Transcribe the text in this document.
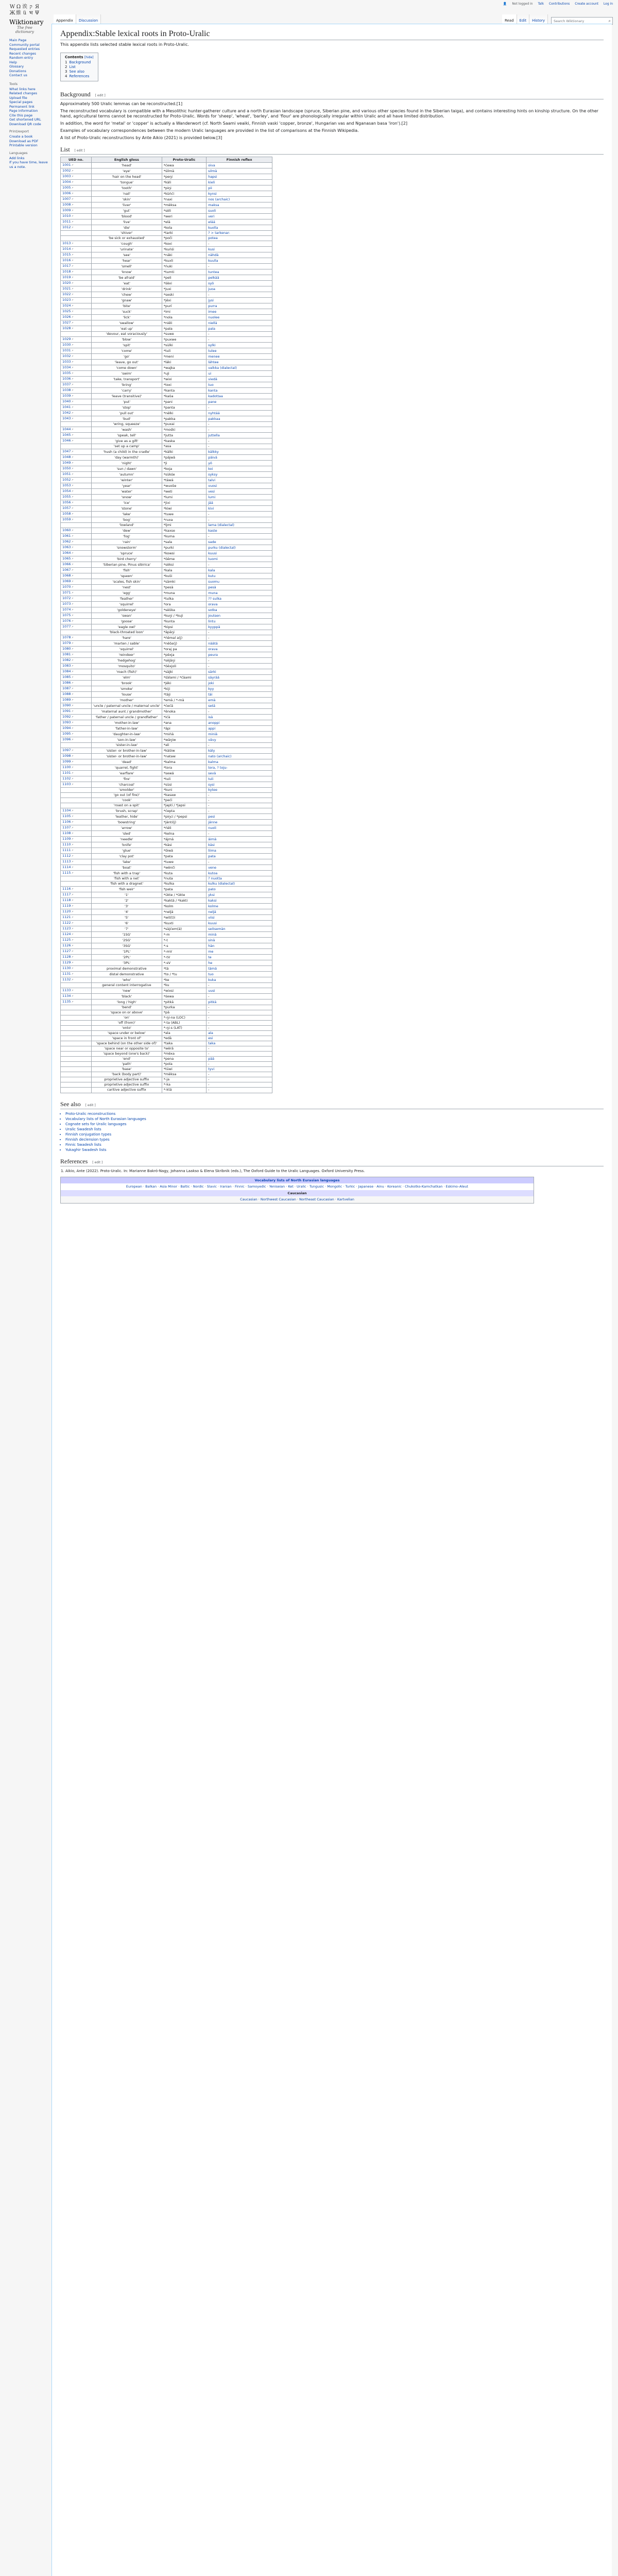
W Ω 诶 ק Я
Ж 維 ü भ Ψ
Wiktionary
The free dictionary
Main Page
Community portal
Requested entries
Recent changes
Random entry
Help
Glossary
Donations
Contact us
Tools
What links here
Related changes
Upload file
Special pages
Permanent link
Page information
Cite this page
Get shortened URL
Download QR code
Print/export
Create a book
Download as PDF
Printable version
Languages
Add links
If you have time, leave us a note.
👤 Not logged in Talk Contributions Create account Log in
Appendix	Discussion	Read	Edit	History	Search Wiktionary	⌕
Appendix:Stable lexical roots in Proto-Uralic

This appendix lists selected stable lexical roots in Proto-Uralic.

Contents [hide]
1 Background
2 List
3 See also
4 References
Background [ edit ]

Approximately 500 Uralic lemmas can be reconstructed.[1]

The reconstructed vocabulary is compatible with a Mesolithic hunter-gatherer culture and a north Eurasian landscape (spruce, Siberian pine, and various other species found in the Siberian taiga), and contains interesting hints on kinship structure. On the other hand, agricultural terms cannot be reconstructed for Proto-Uralic. Words for 'sheep', 'wheat', 'barley', and 'flour' are phonologically irregular within Uralic and all have limited distribution.

In addition, the word for 'metal' or 'copper' is actually a Wanderwort (cf. North Saami veaiki, Finnish vaski 'copper, bronze', Hungarian vas and Nganasan basa 'iron').[2]

Examples of vocabulary correspondences between the modern Uralic languages are provided in the list of comparisons at the Finnish Wikipedia.

A list of Proto-Uralic reconstructions by Ante Aikio (2021) is provided below.[3]

List [ edit ]
UED no.	English gloss	Proto-Uralic	Finnish reflex
1001↗	'head'	*ćewa	oiva
1002↗	'eye'	*śilmä	silmä
1003↗	'hair on the head'	*peŋi	hapsi
1004↗	'tongue'	*käli	kieli
1005↗	'tooth'	*piŋi	pii
1006↗	'nail'	*küńći	kynsi
1007↗	'skin'	*naxi	nos (archaic)
1008↗	'liver'	*mëksa	maksa
1009↗	'gut'	*sëli	suoli
1010↗	'blood'	*weri	veri
1011↗	'live'	*elä	elää
1012↗	'die'	*kola	kuolla
	'shiver'	*tarki	? > tarkenar-
	'be sick or exhausted'	*poči	potea
1013↗	'cough'	*koxi	-
1014↗	'urinate'	*kuńśi	kusi
1015↗	'see'	*näki	nähdä
1016↗	'hear'	*kuxli	kuulla
1017↗	'smell'	*ńuki	-
1018↗	'know'	*tumti	tuntea
1019↗	'be afraid'	*peli	pelkää
1020↗	'eat'	*śëxi	syö
1021↗	'drink'	*juxi	juoa
1022↗	'chew'	*seski	-
1023↗	'gnaw'	*jëxi	jysi
1024↗	'bite'	*purï	purra
1025↗	'suck'	*imi	imee
1026↗	'lick'	*nola	nuolee
1027↗	'swallow'	*niëli	niellä
1028↗	'eat up'	*pala	pala
	'devour, eat voraciously'	*suwe	-
1029↗	'blow'	*puxwe	-
1030↗	'spit'	*sülki	sylki
1031↗	'come'	*tuli	tulee
1032↗	'go'	*meni	menee
1033↗	'leave, go out'	*läki	lähtee
1034↗	'come down'	*wajka	valkka (dialectal)
1035↗	'swim'	*uji	ui
1036↗	'take, transport'	*wixi	viedä
1037↗	'bring'	*toxi	tuo
1038↗	'carry'	*kanta	kanta
1039↗	'leave (transitive)'	*kaδa	kadottaa
1040↗	'put'	*pani	pane
1041↗	'stop'	*panta	-
1042↗	'pull out'	*nëlki	nyhtää
1043↗	'bud'	*pakka	pakkaa
	'wring, squeeze'	*puxai	-
1044↗	'wash'	*mośki	-
1045↗	'speak, tell'	*jutta	juttella
1046↗	'give as a gift'	*kaska	-
	'set up a camp'	*asa	-
1047↗	'hush (a child) in the cradle'	*kälki	kälkky
1048↗	'day (warmth)'	*päjwä	päivä
1049↗	'night'	*ji	yö
1050↗	'sun / dawn'	*koja	koi
1051↗	'autumn'	*sükśe	syksy
1052↗	'winter'	*täwä	talvi
1053↗	'year'	*wuoδe	vuosi
1054↗	'water'	*weti	vesi
1055↗	'snow'	*lumi	lumi
1056↗	'ice'	*jixi	jää
1057↗	'stone'	*kiwi	kivi
1058↗	'lake'	*tuwe	-
1059↗	'bog'	*ruxa	-
	'lowland'	*ljmi	lama (dialectal)
1060↗	'dew'	*kaxse	kaste
1061↗	'fog'	*kuma	-
1062↗	'rain'	*sala	sade
1063↗	'snowstorm'	*purki	purku (dialectal)
1064↗	'spruce'	*kowsi	kuusi
1065↗	'bird cherry'	*δëme	tuomi
1066↗	'Siberian pine, Pinus sibirica'	*sëksi	-
1067↗	'fish'	*kala	kala
1068↗	'spawn'	*kuδi	kutu
1069↗	'scales, fish skin'	*sämki	suomu
1070↗	'nest'	*pesä	pesä
1071↗	'egg'	*muna	muna
1072↗	'feather'	*tulka	?? sulka
1073↗	'squirrel'	*ora	orava
1074↗	'goldeneye'	*sëδka	sotka
1075↗	'swan'	*kuŋi / *kuji	joutsen
1076↗	'goose'	*kunta	lintu
1077↗	'eagle owl'	*kipsi	kyyppä
	'black-throated loon'	*äpäŋi	-
1078↗	'hare'	*ńëmal a(j)	-
1079↗	'marten / sable'	*nëδa(j)	näätä
1080↗	'squirrel'	*oraj pa	orava
1081↗	'reindeer'	*pëxja	peura
1082↗	'hedgehog'	*sëjäŋi	-
1083↗	'mosquito'	*δëxjoli	-
1084↗	'roach (fish)'	*säjki	särki
1085↗	'elm'	*śälami / *ćäami	säyrää
1086↗	'brook'	*jëki	joki
1087↗	'smoke'	*kiji	kyy
1088↗	'louse'	*täji	täi
1089↗	'mother'	*emä / *-mä	emä
1090↗	'uncle / paternal uncle / maternal uncle'	*ćećä	setä
1091↗	'maternal aunt / grandmother'	*ënoka	-
1092↗	'father / paternal uncle / grandfather'	*ićä	isä
1093↗	'mother-in-law'	*ana	anoppi
1094↗	'father-in-law'	*äpi	appi
1095↗	'daughter-in-law'	*mińä	miniä
1096↗	'son-in-law'	*wäŋiw	vävy
	'sister-in-law'	*ali	-
1097↗	'sister- or brother-in-law'	*käδiw	käly
1098↗	'sister- or brother-in-law'	*nataw	nato (archaic)
1099↗	'dead'	*kalma	kalma
1100↗	'quarrel, fight'	*tora	tora, ? toju-
1101↗	'earflare'	*sewä	sevä
1102↗	'fire'	*tuli	tuli
1103↗	'charcoal'	*süsi	sysi
	'smolder'	*kuni	kytee
	'go out (of fire)'	*kasaw	-
	'cook'	*peći	-
	'roast on a spit'	*japti / *japsi	-
1104↗	'brush, scrap'	*ćepta	-
1105↗	'leather, hide'	*piŋci / *pepsi	pesi
1106↗	'bowstring'	*jänti(j)	jänne
1107↗	'arrow'	*ńëli	nuoli
1108↗	'sled'	*kelna	-
1109↗	'needle'	*äjmä	äimä
1110↗	'knife'	*käsi	käsi
1111↗	'glue'	*δiwä	liima
1112↗	'clay pot'	*pata	pata
1113↗	'lake'	*tuwe	-
1114↗	'boat'	*wënči	vene
1115↗	'fish with a trap'	*kuta	kutoa
	'fish with a net'	*nuta	? nuotta
	'fish with a dragnet'	*kulka	kulku (dialectal)
1116↗	'fish weir'	*pata	pato
1117↗	'1'	*ükte / *ükte	yksi
1118↗	'2'	*kaktä / *kakti	kaksi
1119↗	'3'	*kolm	kolme
1120↗	'4'	*neljä	neljä
1121↗	'5'	*wit(t)i	viisi
1122↗	'6'	*kuxti	kuusi
1123↗	'7'	*säjćem(ä)	seitsemän
1124↗	'1SG'	*-m	minä
1125↗	'2SG'	*-t	sinä
1126↗	'3SG'	*-s	hän
1127↗	'1PL'	*-mV	me
1128↗	'2PL'	*-tV	te
1129↗	'3PL'	*-sV	he
1130↗	proximal demonstrative	*tä	tämä
1131↗	distal demonstrative	*to / *tu	tuo
1132↗	'who'	*ke	kuka
	general content interrogative	*ku	-
1133↗	'new'	*wixsi	uusi
1134↗	'black'	*śewa	-
1135↗	'long / high'	*pitkä	pitkä
	'bend'	*purka	-
	'space on or above'	*pä	-
	'on'	*-ŋi-na (LOC)	-
	'off (from)'	*-ta (ABL)	-
	'onto'	*-ŋi-s (LAT)	-
	'space under or below'	*ala	ala
	'space in front of'	*edä	esi
	'space behind (on the other side of)'	*taka	taka
	'space near or opposite to'	*wërä	-
	'space beyond (one's back)'	*mëxa	-
	'end'	*pena	pää
	'path'	*pola	-
	'base'	*tüwi	tyvi
	'back (body part)'	*mëksa	-
	proprietive adjective suffix	*-ja	-
	proprietive adjective suffix	*-ka	-
	caritive adjective suffix	*-ktä	-
See also [ edit ]
• Proto-Uralic reconstructions
• Vocabulary lists of North Eurasian languages
• Cognate sets for Uralic languages
• Uralic Swadesh lists
• Finnish conjugation types
• Finnish declension types
• Finnic Swadesh lists
• Yukaghir Swadesh lists
References [ edit ]
1. Aikio, Ante (2022). Proto-Uralic. In: Marianne Bakró-Nagy, Johanna Laakso & Elena Skribnik (eds.), The Oxford Guide to the Uralic Languages. Oxford University Press.
Vocabulary lists of North Eurasian languages
European · Balkan · Asia Minor · Baltic · Nordic · Slavic · Iranian · Finnic · Samoyedic · Yeniseian · Ket · Uralic · Tungusic · Mongolic · Turkic · Japanese · Ainu · Koreanic · Chukotko-Kamchatkan · Eskimo–Aleut
Caucasian
Caucasian · Northwest Caucasian · Northeast Caucasian · Kartvelian
